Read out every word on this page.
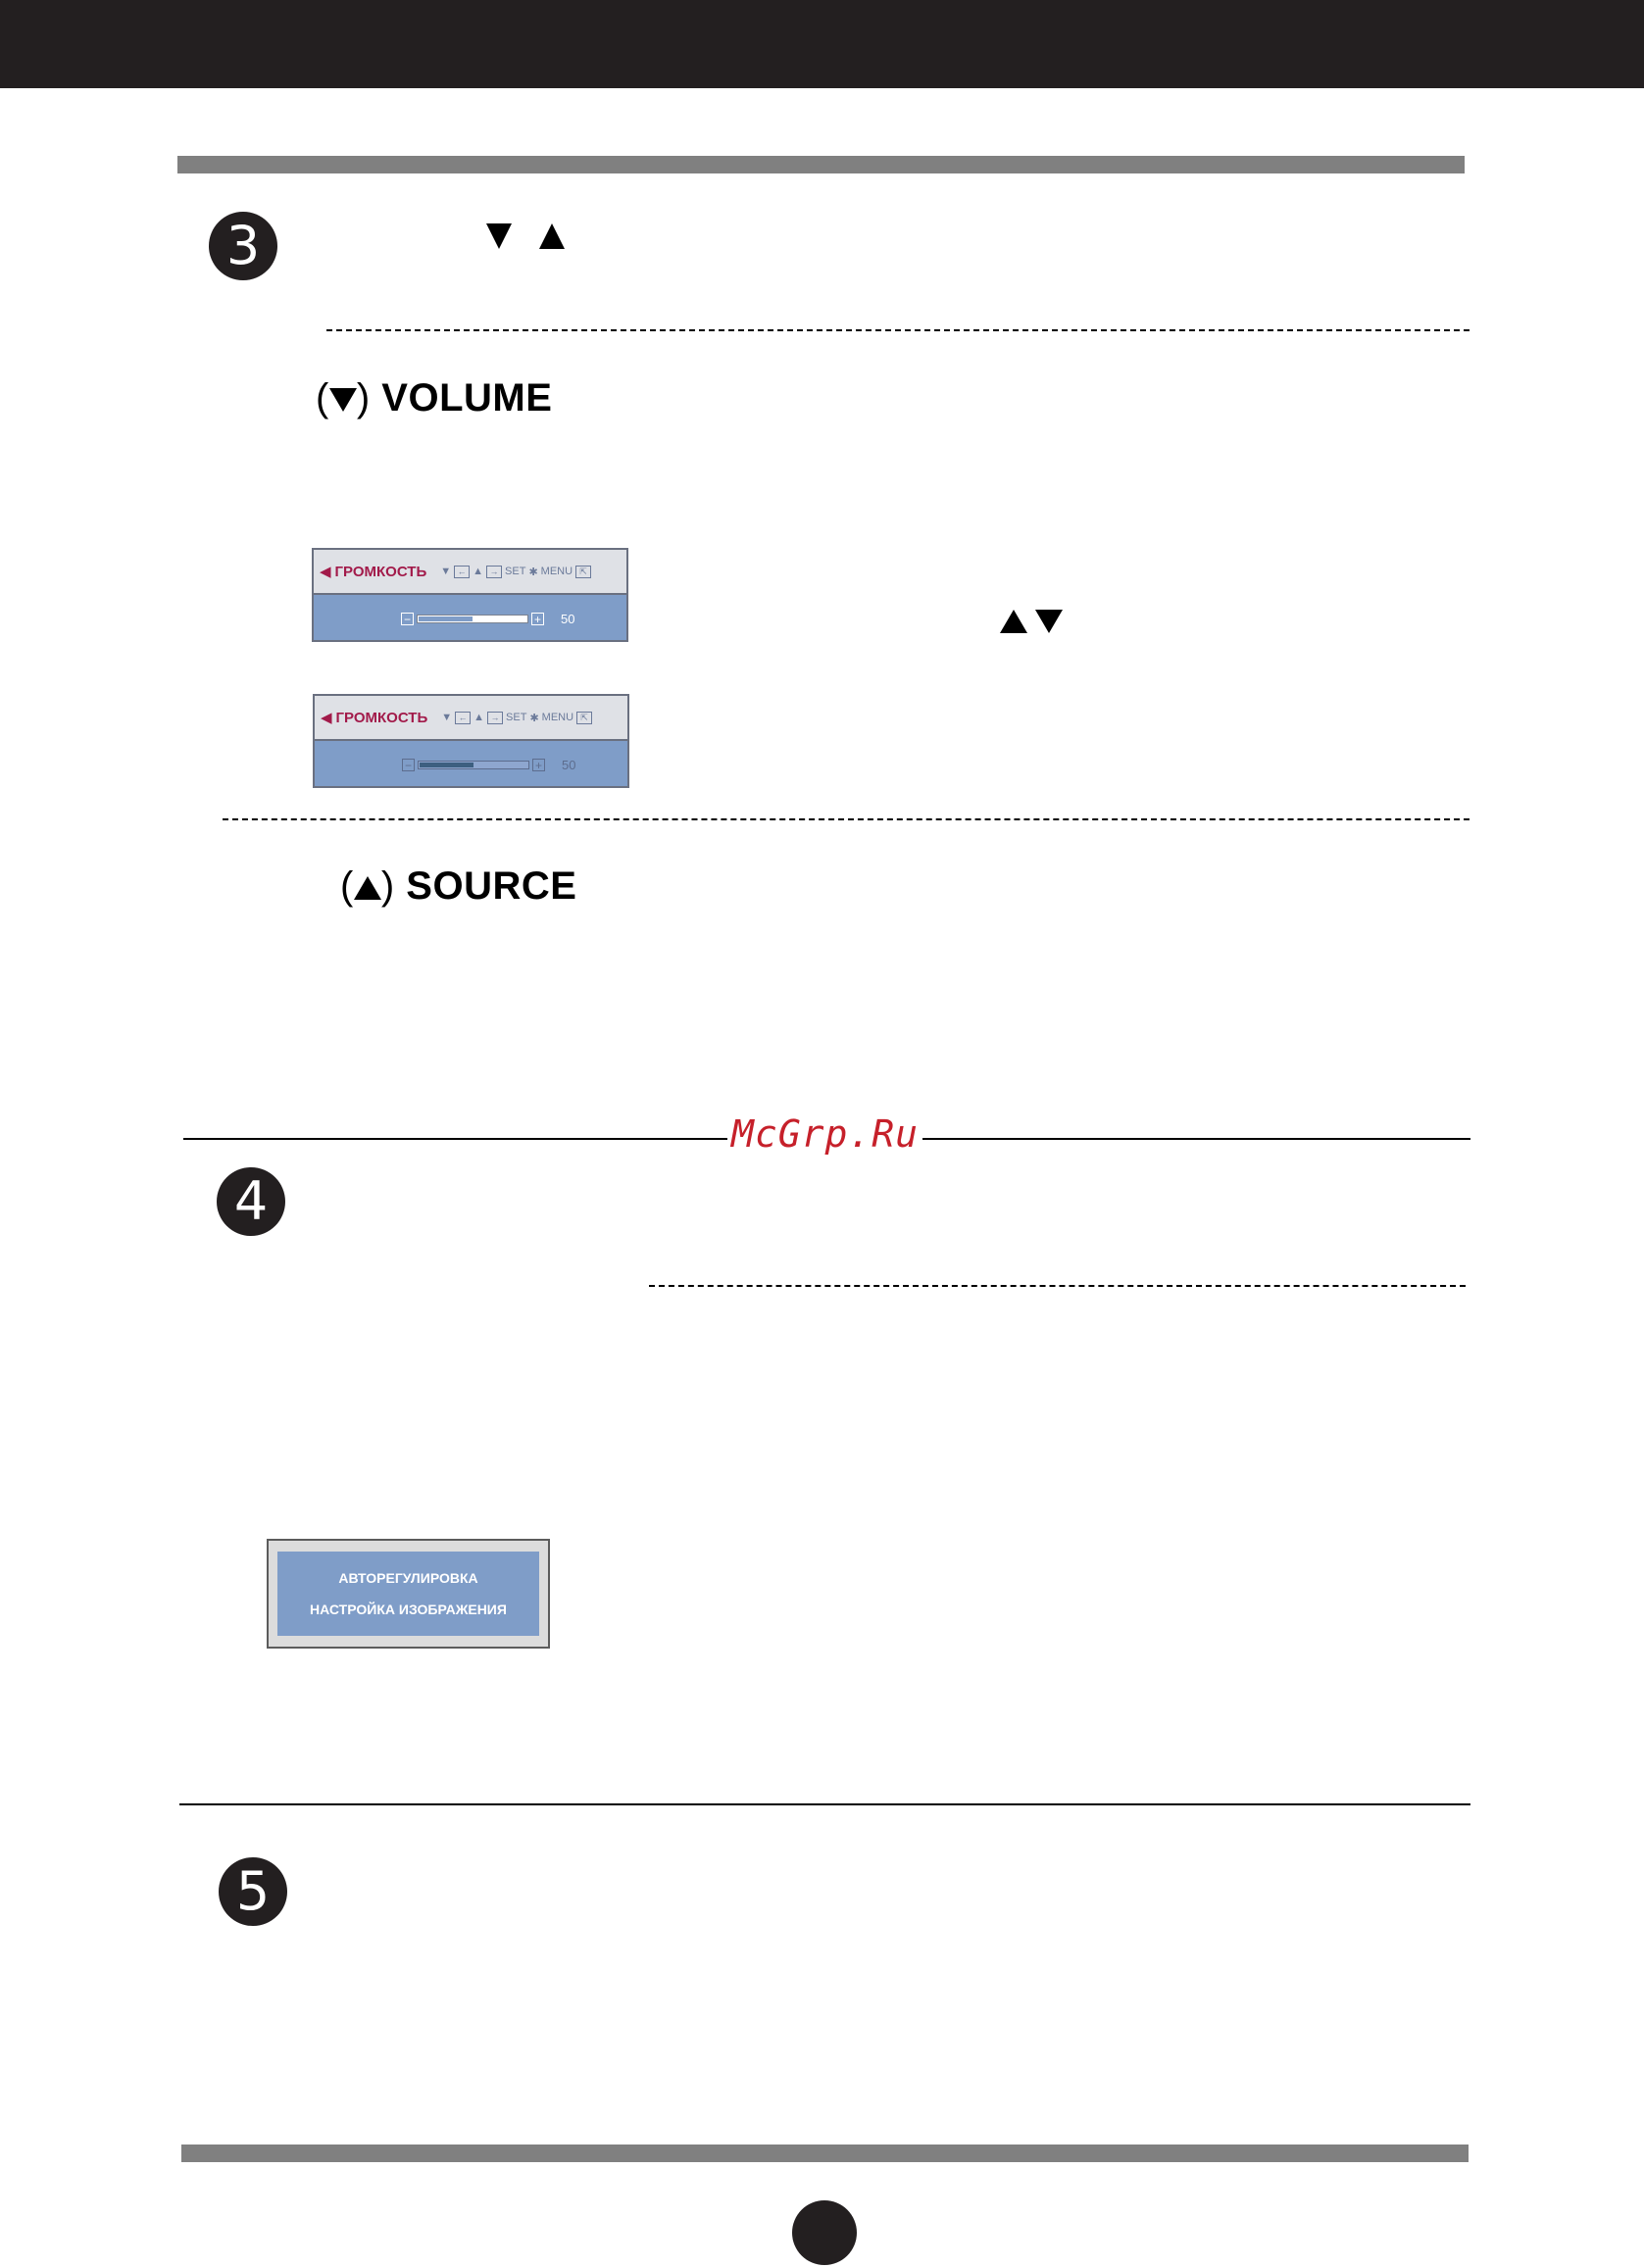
3
( ) VOLUME
◀︎ ГРОМКОСТЬ ▼ ← ▲ → SET ✱ MENU ⇱
−	+ 50
◀︎ ГРОМКОСТЬ ▼ ← ▲ → SET ✱ MENU ⇱
−	+ 50
( ) SOURCE
McGrp.Ru
4
АВТОРЕГУЛИРОВКА
НАСТРОЙКА ИЗОБРАЖЕНИЯ
5
